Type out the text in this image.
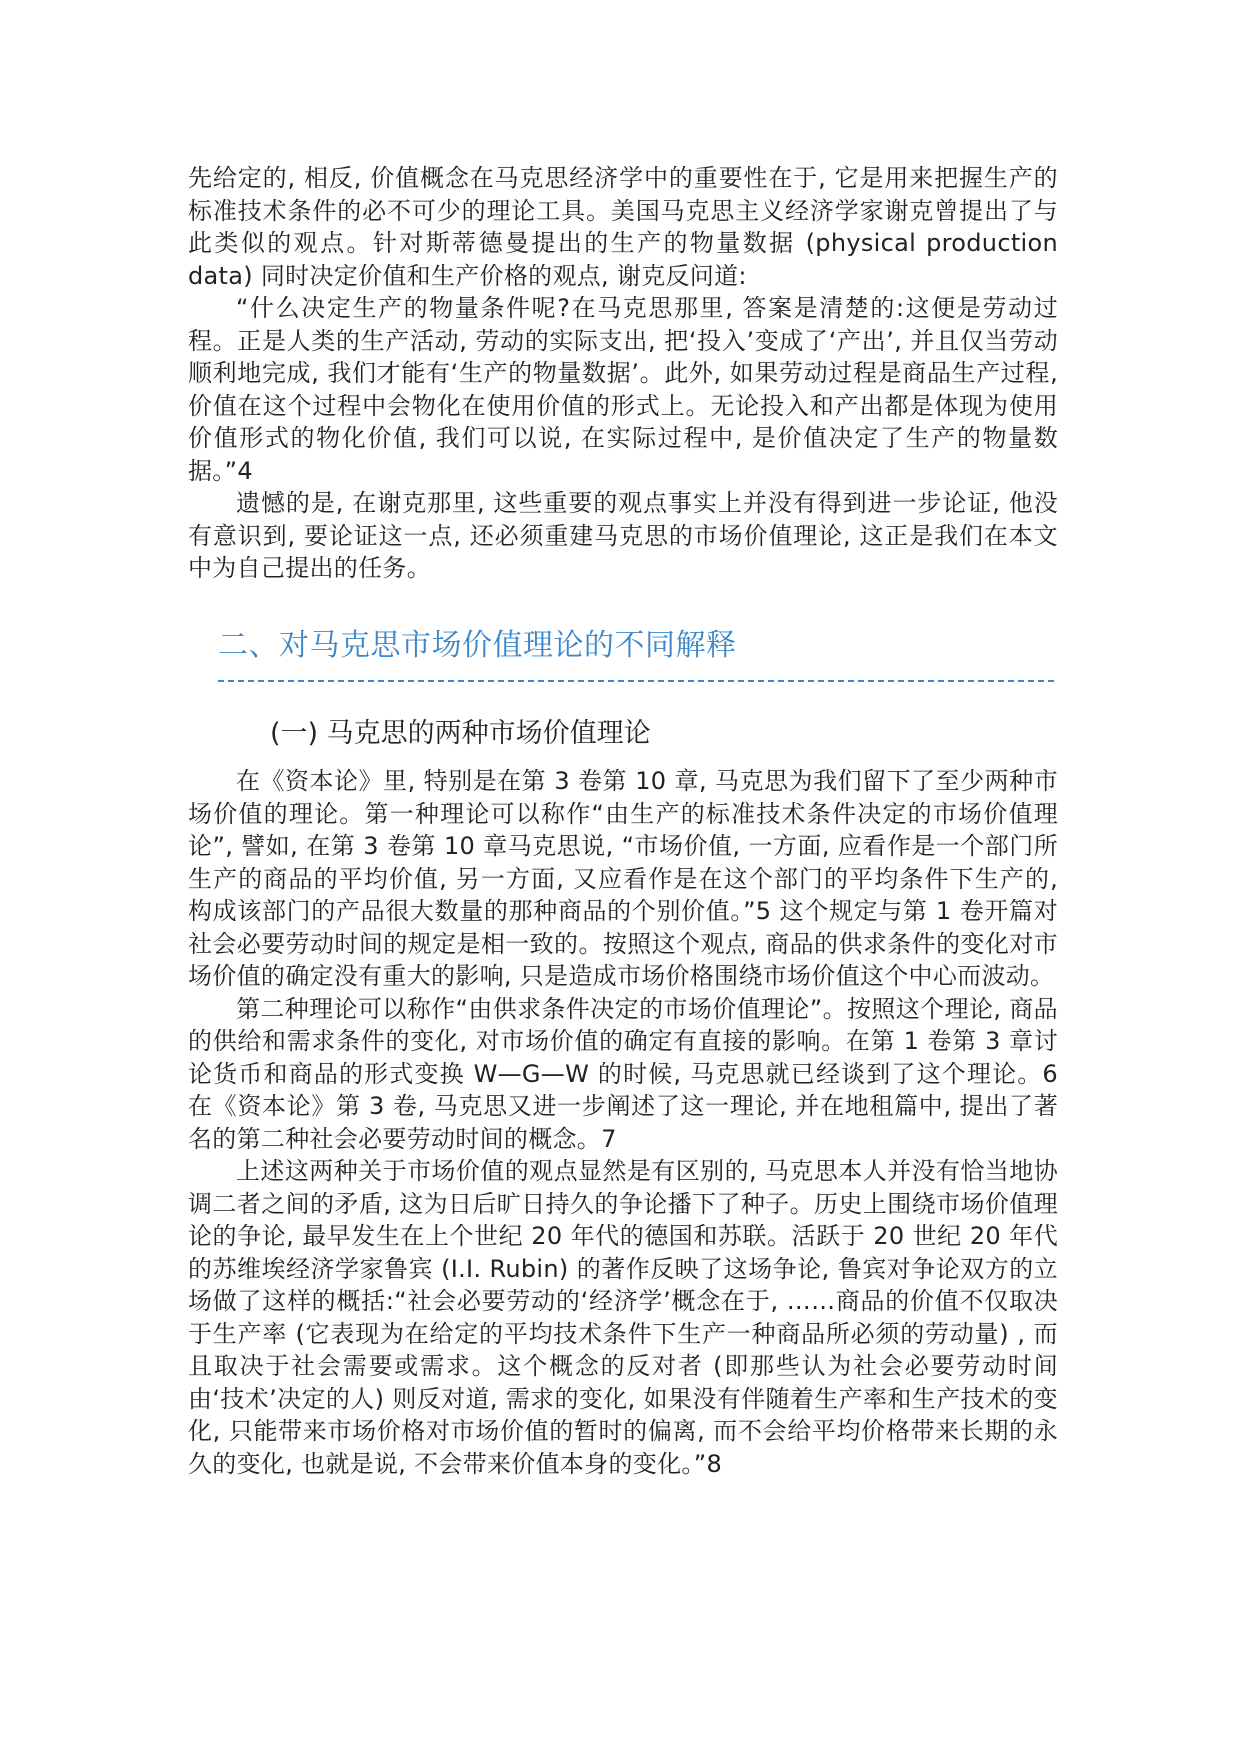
先给定的, 相反, 价值概念在马克思经济学中的重要性在于, 它是用来把握生产的标准技术条件的必不可少的理论工具。美国马克思主义经济学家谢克曾提出了与此类似的观点。针对斯蒂德曼提出的生产的物量数据 (physical production data) 同时决定价值和生产价格的观点, 谢克反问道:

“什么决定生产的物量条件呢?在马克思那里, 答案是清楚的:这便是劳动过程。正是人类的生产活动, 劳动的实际支出, 把‘投入’变成了‘产出’, 并且仅当劳动顺利地完成, 我们才能有‘生产的物量数据’。此外, 如果劳动过程是商品生产过程, 价值在这个过程中会物化在使用价值的形式上。无论投入和产出都是体现为使用价值形式的物化价值, 我们可以说, 在实际过程中, 是价值决定了生产的物量数据。”4

遗憾的是, 在谢克那里, 这些重要的观点事实上并没有得到进一步论证, 他没有意识到, 要论证这一点, 还必须重建马克思的市场价值理论, 这正是我们在本文中为自己提出的任务。

二、对马克思市场价值理论的不同解释
(一) 马克思的两种市场价值理论

在《资本论》里, 特别是在第 3 卷第 10 章, 马克思为我们留下了至少两种市场价值的理论。第一种理论可以称作“由生产的标准技术条件决定的市场价值理论”, 譬如, 在第 3 卷第 10 章马克思说, “市场价值, 一方面, 应看作是一个部门所生产的商品的平均价值, 另一方面, 又应看作是在这个部门的平均条件下生产的, 构成该部门的产品很大数量的那种商品的个别价值。”5 这个规定与第 1 卷开篇对社会必要劳动时间的规定是相一致的。按照这个观点, 商品的供求条件的变化对市场价值的确定没有重大的影响, 只是造成市场价格围绕市场价值这个中心而波动。

第二种理论可以称作“由供求条件决定的市场价值理论”。按照这个理论, 商品的供给和需求条件的变化, 对市场价值的确定有直接的影响。在第 1 卷第 3 章讨论货币和商品的形式变换 W—G—W 的时候, 马克思就已经谈到了这个理论。6 在《资本论》第 3 卷, 马克思又进一步阐述了这一理论, 并在地租篇中, 提出了著名的第二种社会必要劳动时间的概念。7

上述这两种关于市场价值的观点显然是有区别的, 马克思本人并没有恰当地协调二者之间的矛盾, 这为日后旷日持久的争论播下了种子。历史上围绕市场价值理论的争论, 最早发生在上个世纪 20 年代的德国和苏联。活跃于 20 世纪 20 年代的苏维埃经济学家鲁宾 (I.I. Rubin) 的著作反映了这场争论, 鲁宾对争论双方的立场做了这样的概括:“社会必要劳动的‘经济学’概念在于, ……商品的价值不仅取决于生产率 (它表现为在给定的平均技术条件下生产一种商品所必须的劳动量) , 而且取决于社会需要或需求。这个概念的反对者 (即那些认为社会必要劳动时间由‘技术’决定的人) 则反对道, 需求的变化, 如果没有伴随着生产率和生产技术的变化, 只能带来市场价格对市场价值的暂时的偏离, 而不会给平均价格带来长期的永久的变化, 也就是说, 不会带来价值本身的变化。”8
